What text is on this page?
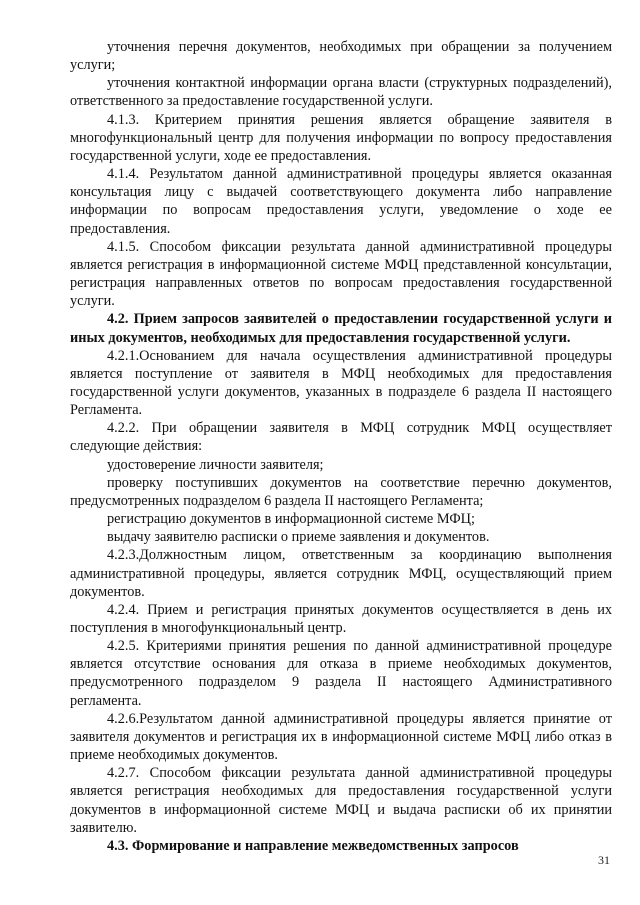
уточнения перечня документов, необходимых при обращении за получением услуги;

уточнения контактной информации органа власти (структурных подразделений), ответственного за предоставление государственной услуги.

4.1.3. Критерием принятия решения является обращение заявителя в многофункциональный центр для получения информации по вопросу предоставления государственной услуги, ходе ее предоставления.

4.1.4. Результатом данной административной процедуры является оказанная консультация лицу с выдачей соответствующего документа либо направление информации по вопросам предоставления услуги, уведомление о ходе ее предоставления.

4.1.5. Способом фиксации результата данной административной процедуры является регистрация в информационной системе МФЦ представленной консультации, регистрация направленных ответов по вопросам предоставления государственной услуги.

4.2. Прием запросов заявителей о предоставлении государственной услуги и иных документов, необходимых для предоставления государственной услуги.

4.2.1.Основанием для начала осуществления административной процедуры является поступление от заявителя в МФЦ необходимых для предоставления государственной услуги документов, указанных в подразделе 6 раздела II настоящего Регламента.

4.2.2. При обращении заявителя в МФЦ сотрудник МФЦ осуществляет следующие действия:

удостоверение личности заявителя;

проверку поступивших документов на соответствие перечню документов, предусмотренных подразделом 6 раздела II настоящего Регламента;

регистрацию документов в информационной системе МФЦ;

выдачу заявителю расписки о приеме заявления и документов.

4.2.3.Должностным лицом, ответственным за координацию выполнения административной процедуры, является сотрудник МФЦ, осуществляющий прием документов.

4.2.4. Прием и регистрация принятых документов осуществляется в день их поступления в многофункциональный центр.

4.2.5. Критериями принятия решения по данной административной процедуре является отсутствие основания для отказа в приеме необходимых документов, предусмотренного подразделом 9 раздела II настоящего Административного регламента.

4.2.6.Результатом данной административной процедуры является принятие от заявителя документов и регистрация их в информационной системе МФЦ либо отказ в приеме необходимых документов.

4.2.7. Способом фиксации результата данной административной процедуры является регистрация необходимых для предоставления государственной услуги документов в информационной системе МФЦ и выдача расписки об их принятии заявителю.

4.3. Формирование и направление межведомственных запросов

31
